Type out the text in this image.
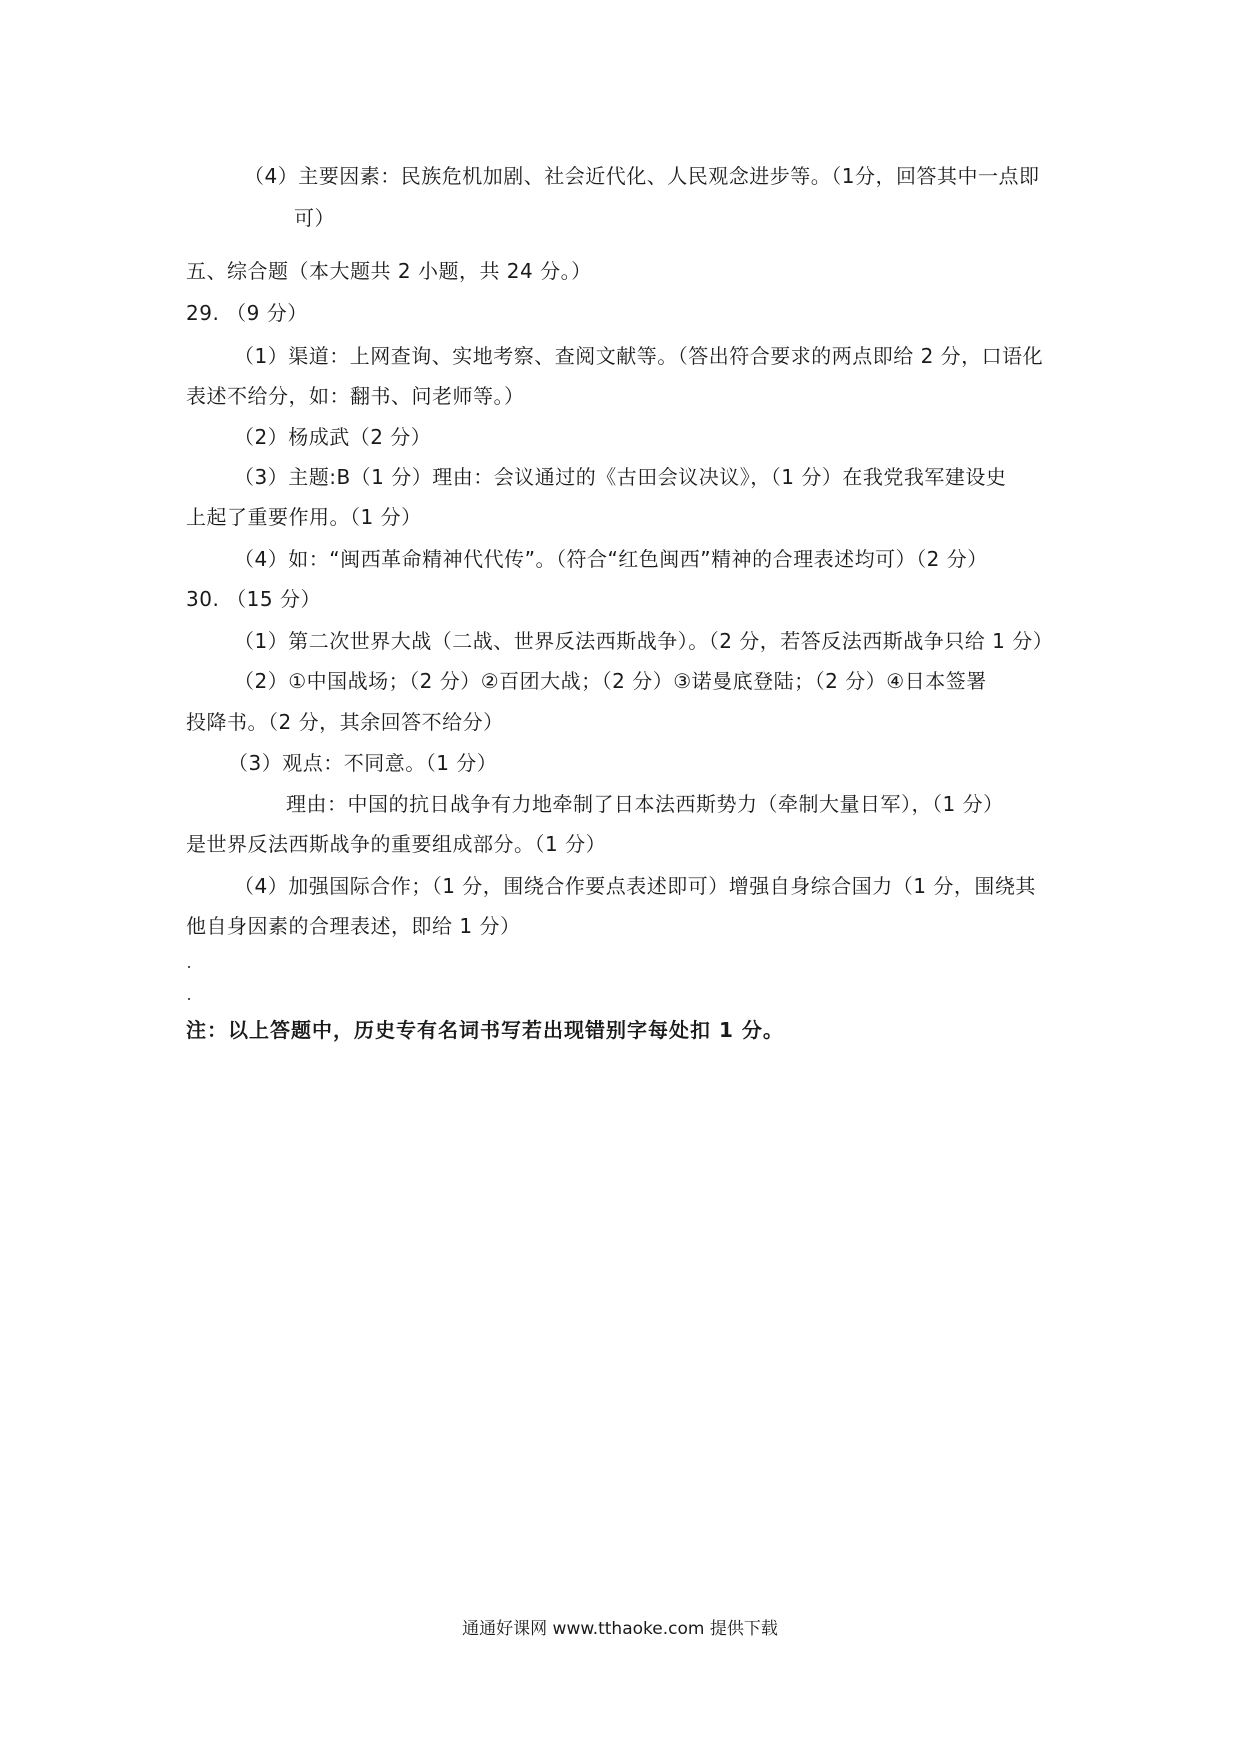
（4）主要因素：民族危机加剧、社会近代化、人民观念进步等。（1分，回答其中一点即
可）
五、综合题（本大题共 2 小题，共 24 分。）
29. （9 分）
（1）渠道：上网查询、实地考察、查阅文献等。（答出符合要求的两点即给 2 分，口语化
表述不给分，如：翻书、问老师等。）
（2）杨成武（2 分）
（3）主题:B（1 分）理由：会议通过的《古田会议决议》，（1 分）在我党我军建设史
上起了重要作用。（1 分）
（4）如：“闽西革命精神代代传”。（符合“红色闽西”精神的合理表述均可）（2 分）
30. （15 分）
（1）第二次世界大战（二战、世界反法西斯战争）。（2 分，若答反法西斯战争只给 1 分）
（2）①中国战场；（2 分）②百团大战；（2 分）③诺曼底登陆；（2 分）④日本签署
投降书。（2 分，其余回答不给分）
（3）观点：不同意。（1 分）
理由：中国的抗日战争有力地牵制了日本法西斯势力（牵制大量日军），（1 分）
是世界反法西斯战争的重要组成部分。（1 分）
（4）加强国际合作；（1 分，围绕合作要点表述即可）增强自身综合国力（1 分，围绕其
他自身因素的合理表述，即给 1 分）
注：以上答题中，历史专有名词书写若出现错别字每处扣 1 分。
通通好课网 www.tthaoke.com 提供下载
